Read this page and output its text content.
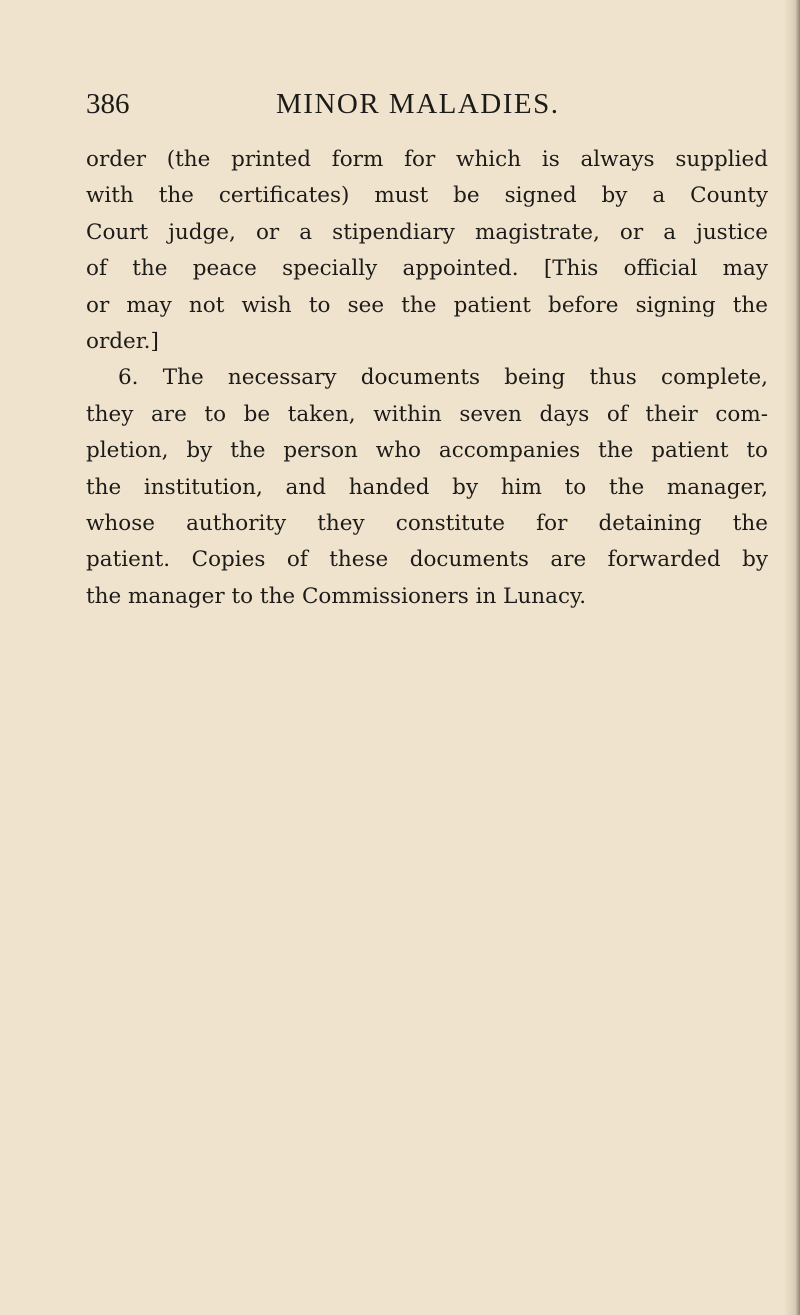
386	MINOR MALADIES.
order (the printed form for which is always supplied
with the certificates) must be signed by a County
Court judge, or a stipendiary magistrate, or a justice
of the peace specially appointed. [This official may
or may not wish to see the patient before signing the
order.]
6. The necessary documents being thus complete,
they are to be taken, within seven days of their com-
pletion, by the person who accompanies the patient to
the institution, and handed by him to the manager,
whose authority they constitute for detaining the
patient. Copies of these documents are forwarded by
the manager to the Commissioners in Lunacy.
